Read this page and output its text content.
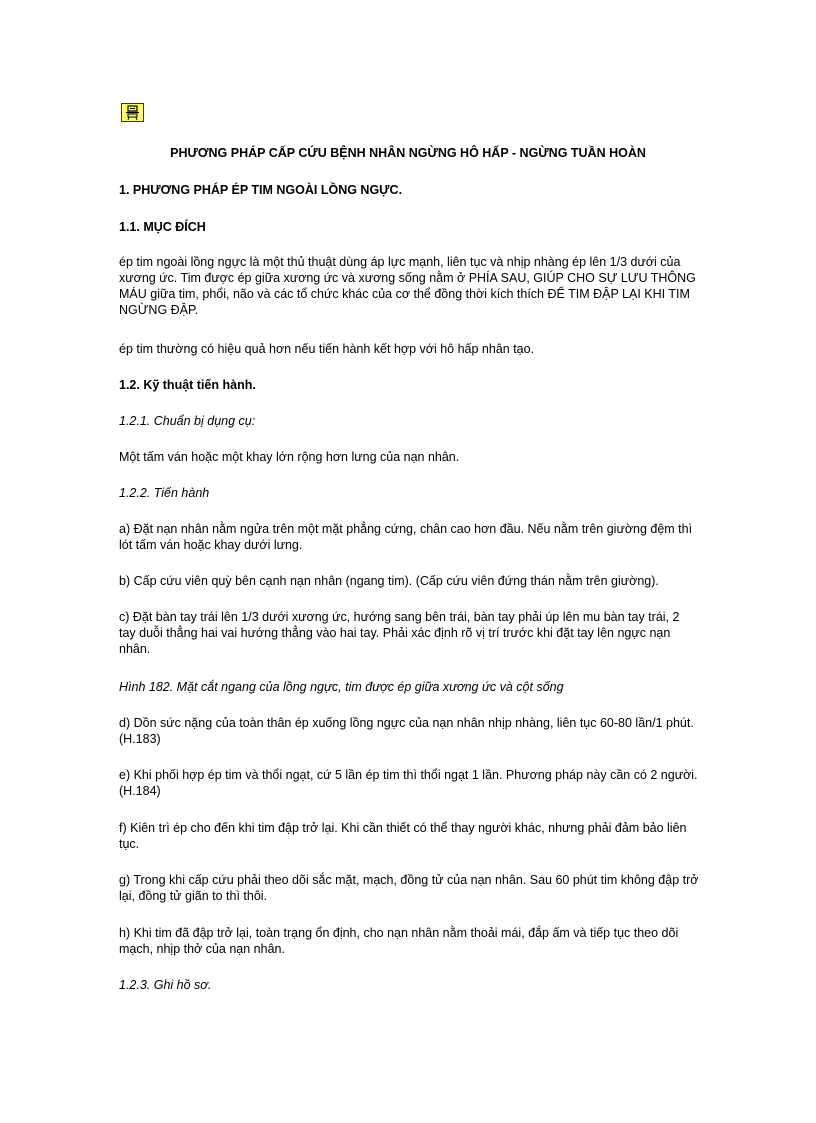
PHƯƠNG PHÁP CẤP CỨU BỆNH NHÂN NGỪNG HÔ HẤP - NGỪNG TUẦN HOÀN
1. PHƯƠNG PHÁP ÉP TIM NGOÀI LỒNG NGỰC.
1.1. MỤC ĐÍCH
ép tim ngoài lồng ngực là một thủ thuật dùng áp lực mạnh, liên tục và nhịp nhàng ép lên 1/3 dưới của xương ức. Tim được ép giữa xương ức và xương sống nằm ở PHÍA SAU, GIÚP CHO SỰ LƯU THÔNG MÁU giữa tim, phổi, não và các tổ chức khác của cơ thể đồng thời kích thích ĐỂ TIM ĐẬP LẠI KHI TIM NGỪNG ĐẬP.
ép tim thường có hiệu quả hơn nếu tiến hành kết hợp với hô hấp nhân tạo.
1.2. Kỹ thuật tiến hành.
1.2.1. Chuẩn bị dụng cụ:
Một tấm ván hoặc một khay lớn rộng hơn lưng của nạn nhân.
1.2.2. Tiến hành
a) Đặt nạn nhân nằm ngửa trên một mặt phẳng cứng, chân cao hơn đầu. Nếu nằm trên giường đệm thì lót tấm ván hoặc khay dưới lưng.
b) Cấp cứu viên quỳ bên cạnh nạn nhân (ngang tim). (Cấp cứu viên đứng thán nằm trên giường).
c) Đặt bàn tay trái lên 1/3 dưới xương ức, hướng sang bên trái, bàn tay phải úp lên mu bàn tay trái, 2 tay duỗi thẳng hai vai hướng thẳng vào hai tay. Phải xác định rõ vị trí trước khi đặt tay lên ngực nạn nhân.
Hình 182. Mặt cắt ngang của lồng ngực, tim được ép giữa xương ức và cột sống
d) Dồn sức nặng của toàn thân ép xuống lồng ngực của nạn nhân nhịp nhàng, liên tục 60-80 lần/1 phút. (H.183)
e) Khi phối hợp ép tim và thổi ngạt, cứ 5 lần ép tim thì thổi ngạt 1 lần. Phương pháp này cần có 2 người. (H.184)
f) Kiên trì ép cho đến khi tim đập trở lại. Khi cần thiết có thể thay người khác, nhưng phải đảm bảo liên tục.
g) Trong khi cấp cứu phải theo dõi sắc mặt, mạch, đồng tử của nạn nhân. Sau 60 phút tim không đập trở lại, đồng tử giãn to thì thôi.
h) Khi tim đã đập trở lại, toàn trạng ổn định, cho nạn nhân nằm thoải mái, đắp ấm và tiếp tục theo dõi mạch, nhịp thở của nạn nhân.
1.2.3. Ghi hồ sơ.
